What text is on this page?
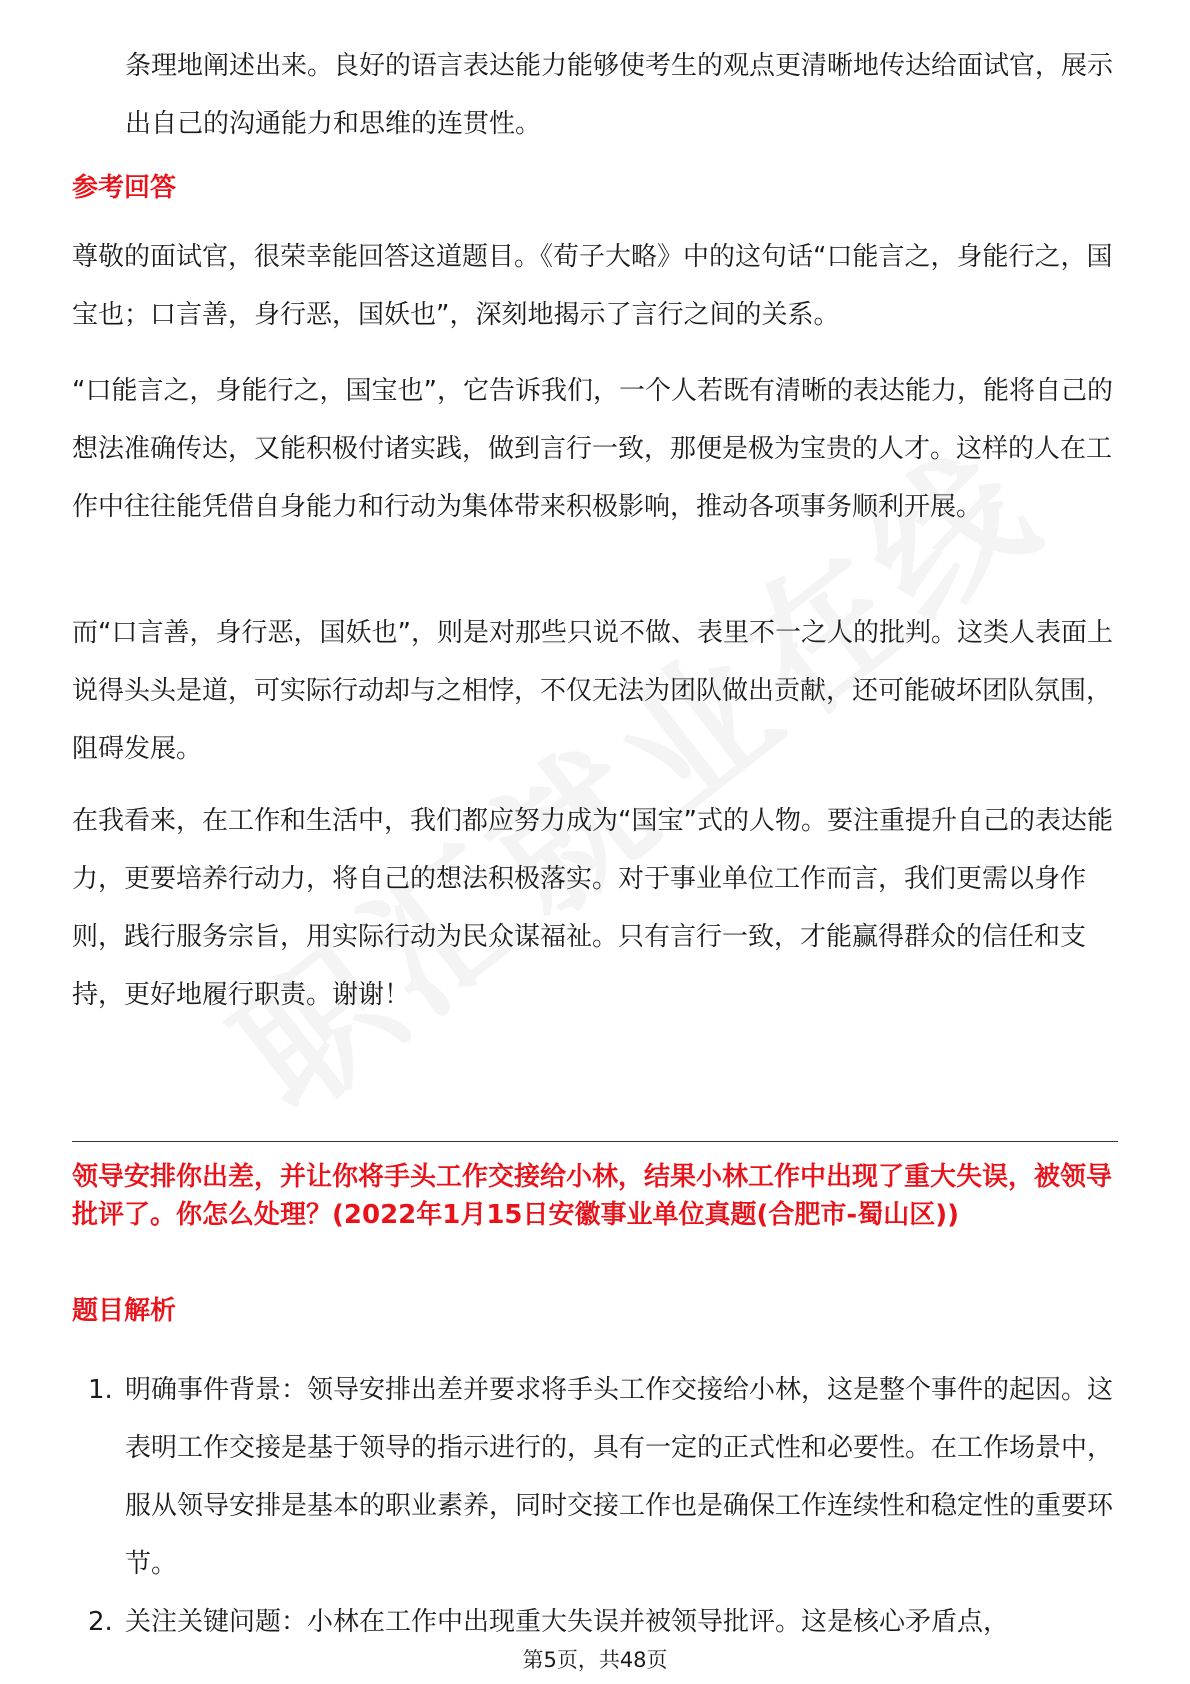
条理地阐述出来。良好的语言表达能力能够使考生的观点更清晰地传达给面试官，展示出自己的沟通能力和思维的连贯性。

参考回答

尊敬的面试官，很荣幸能回答这道题目。《荀子大略》中的这句话“口能言之，身能行之，国宝也；口言善，身行恶，国妖也”，深刻地揭示了言行之间的关系。

“口能言之，身能行之，国宝也”，它告诉我们，一个人若既有清晰的表达能力，能将自己的想法准确传达，又能积极付诸实践，做到言行一致，那便是极为宝贵的人才。这样的人在工作中往往能凭借自身能力和行动为集体带来积极影响，推动各项事务顺利开展。

而“口言善，身行恶，国妖也”，则是对那些只说不做、表里不一之人的批判。这类人表面上说得头头是道，可实际行动却与之相悖，不仅无法为团队做出贡献，还可能破坏团队氛围，阻碍发展。

在我看来，在工作和生活中，我们都应努力成为“国宝”式的人物。要注重提升自己的表达能力，更要培养行动力，将自己的想法积极落实。对于事业单位工作而言，我们更需以身作则，践行服务宗旨，用实际行动为民众谋福祉。只有言行一致，才能赢得群众的信任和支持，更好地履行职责。谢谢！

领导安排你出差，并让你将手头工作交接给小林，结果小林工作中出现了重大失误，被领导批评了。你怎么处理？(2022年1月15日安徽事业单位真题(合肥市-蜀山区))

题目解析
1. 明确事件背景：领导安排出差并要求将手头工作交接给小林，这是整个事件的起因。这表明工作交接是基于领导的指示进行的，具有一定的正式性和必要性。在工作场景中，服从领导安排是基本的职业素养，同时交接工作也是确保工作连续性和稳定性的重要环节。
2. 关注关键问题：小林在工作中出现重大失误并被领导批评。这是核心矛盾点，
第5页，共48页
